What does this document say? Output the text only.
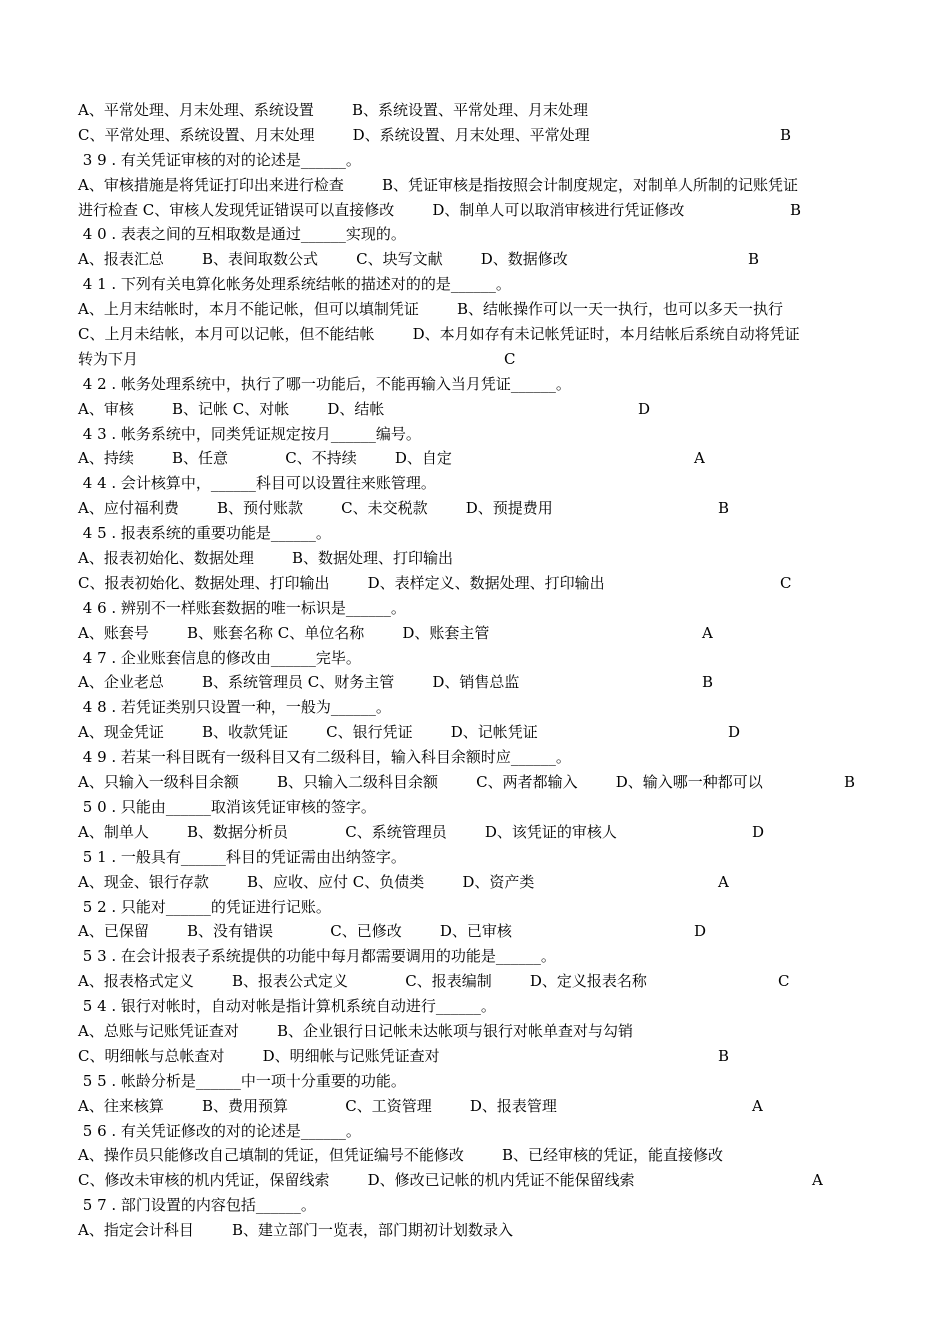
A、平常处理、月末处理、系统设置        B、系统设置、平常处理、月末处理
C、平常处理、系统设置、月末处理        D、系统设置、月末处理、平常处理	B
3 9 . 有关凭证审核的对的论述是______。
A、审核措施是将凭证打印出来进行检查        B、凭证审核是指按照会计制度规定，对制单人所制的记账凭证
进行检查 C、审核人发现凭证错误可以直接修改        D、制单人可以取消审核进行凭证修改	B
4 0 . 表表之间的互相取数是通过______实现的。
A、报表汇总        B、表间取数公式        C、块写文献        D、数据修改	B
4 1 . 下列有关电算化帐务处理系统结帐的描述对的的是______。
A、上月末结帐时，本月不能记帐，但可以填制凭证        B、结帐操作可以一天一执行，也可以多天一执行
C、上月未结帐，本月可以记帐，但不能结帐        D、本月如存有未记帐凭证时，本月结帐后系统自动将凭证
转为下月	C
4 2 . 帐务处理系统中，执行了哪一功能后，不能再输入当月凭证______。
A、审核        B、记帐 C、对帐        D、结帐	D
4 3 . 帐务系统中，同类凭证规定按月______编号。
A、持续        B、任意            C、不持续        D、自定	A
4 4 . 会计核算中，______科目可以设置往来账管理。
A、应付福利费        B、预付账款        C、未交税款        D、预提费用	B
4 5 . 报表系统的重要功能是______。
A、报表初始化、数据处理        B、数据处理、打印输出
C、报表初始化、数据处理、打印输出        D、表样定义、数据处理、打印输出	C
4 6 . 辨别不一样账套数据的唯一标识是______。
A、账套号        B、账套名称 C、单位名称        D、账套主管	A
4 7 . 企业账套信息的修改由______完毕。
A、企业老总        B、系统管理员 C、财务主管        D、销售总监	B
4 8 . 若凭证类别只设置一种，一般为______。
A、现金凭证        B、收款凭证        C、银行凭证        D、记帐凭证	D
4 9 . 若某一科目既有一级科目又有二级科目，输入科目余额时应______。
A、只输入一级科目余额        B、只输入二级科目余额        C、两者都输入        D、输入哪一种都可以	B
5 0 . 只能由______取消该凭证审核的签字。
A、制单人        B、数据分析员            C、系统管理员        D、该凭证的审核人	D
5 1 . 一般具有______科目的凭证需由出纳签字。
A、现金、银行存款        B、应收、应付 C、负债类        D、资产类	A
5 2 . 只能对______的凭证进行记账。
A、已保留        B、没有错误            C、已修改        D、已审核	D
5 3 . 在会计报表子系统提供的功能中每月都需要调用的功能是______。
A、报表格式定义        B、报表公式定义            C、报表编制        D、定义报表名称	C
5 4 . 银行对帐时，自动对帐是指计算机系统自动进行______。
A、总账与记账凭证查对        B、企业银行日记帐未达帐项与银行对帐单查对与勾销
C、明细帐与总帐查对        D、明细帐与记账凭证查对	B
5 5 . 帐龄分析是______中一项十分重要的功能。
A、往来核算        B、费用预算            C、工资管理        D、报表管理	A
5 6 . 有关凭证修改的对的论述是______。
A、操作员只能修改自己填制的凭证，但凭证编号不能修改        B、已经审核的凭证，能直接修改
C、修改未审核的机内凭证，保留线索        D、修改已记帐的机内凭证不能保留线索	A
5 7 . 部门设置的内容包括______。
A、指定会计科目        B、建立部门一览表，部门期初计划数录入
